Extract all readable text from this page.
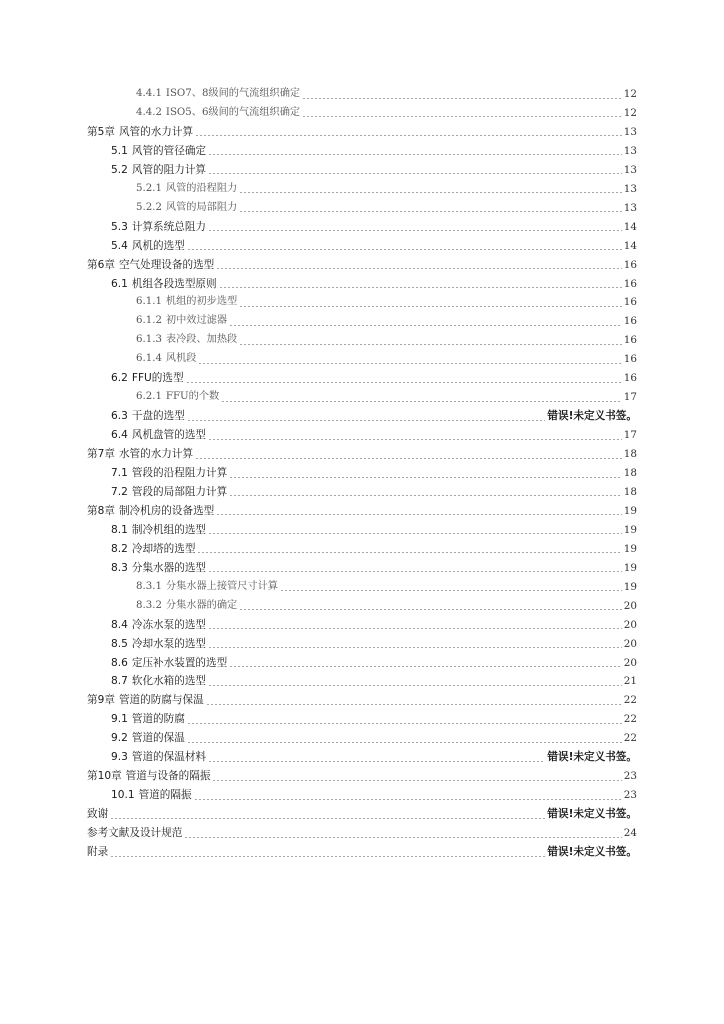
4.4.1 ISO7、8级间的气流组织确定	12
4.4.2 ISO5、6级间的气流组织确定	12
第5章 风管的水力计算	13
5.1 风管的管径确定	13
5.2 风管的阻力计算	13
5.2.1 风管的沿程阻力	13
5.2.2 风管的局部阻力	13
5.3 计算系统总阻力	14
5.4 风机的选型	14
第6章 空气处理设备的选型	16
6.1 机组各段选型原则	16
6.1.1 机组的初步选型	16
6.1.2 初中效过滤器	16
6.1.3 表冷段、加热段	16
6.1.4 风机段	16
6.2 FFU的选型	16
6.2.1 FFU的个数	17
6.3 干盘的选型	错误!未定义书签。
6.4 风机盘管的选型	17
第7章 水管的水力计算	18
7.1 管段的沿程阻力计算	18
7.2 管段的局部阻力计算	18
第8章 制冷机房的设备选型	19
8.1 制冷机组的选型	19
8.2 冷却塔的选型	19
8.3 分集水器的选型	19
8.3.1 分集水器上接管尺寸计算	19
8.3.2 分集水器的确定	20
8.4 冷冻水泵的选型	20
8.5 冷却水泵的选型	20
8.6 定压补水装置的选型	20
8.7 软化水箱的选型	21
第9章 管道的防腐与保温	22
9.1 管道的防腐	22
9.2 管道的保温	22
9.3 管道的保温材料	错误!未定义书签。
第10章 管道与设备的隔振	23
10.1 管道的隔振	23
致谢	错误!未定义书签。
参考文献及设计规范	24
附录	错误!未定义书签。
